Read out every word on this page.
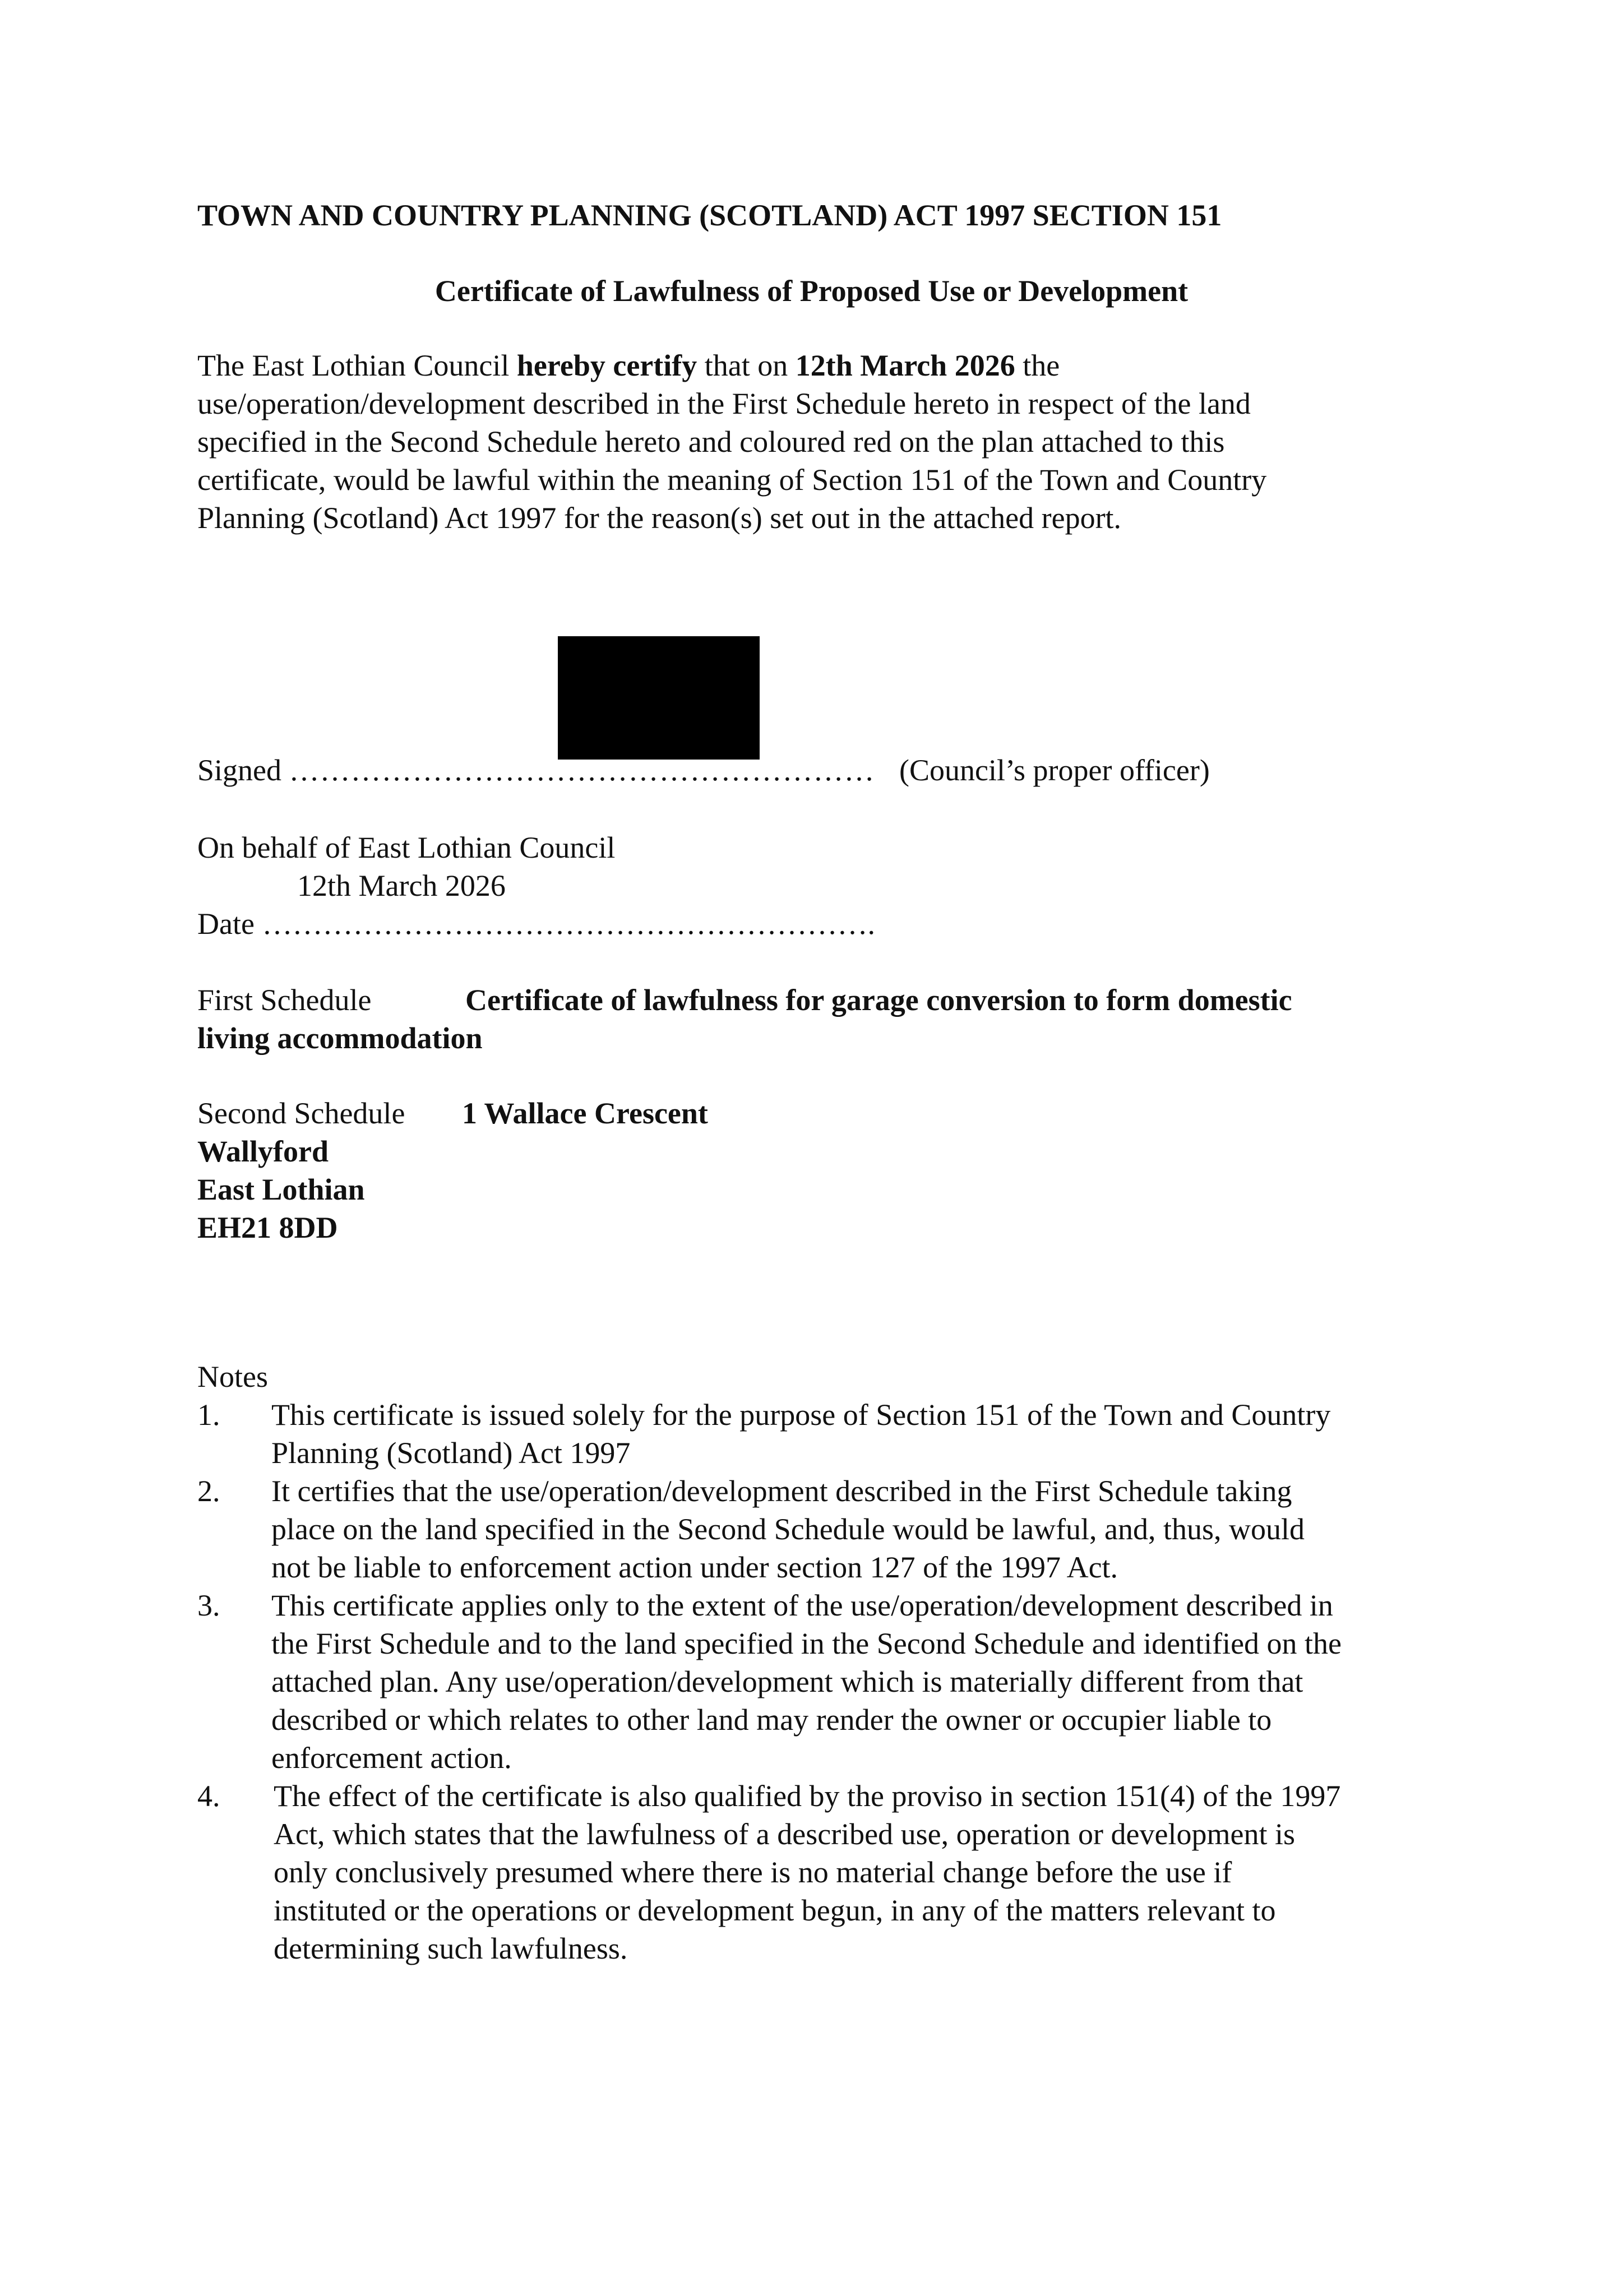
TOWN AND COUNTRY PLANNING (SCOTLAND) ACT 1997 SECTION 151
Certificate of Lawfulness of Proposed Use or Development
The East Lothian Council hereby certify that on 12th March 2026 the
use/operation/development described in the First Schedule hereto in respect of the land
specified in the Second Schedule hereto and coloured red on the plan attached to this
certificate, would be lawful within the meaning of Section 151 of the Town and Country
Planning (Scotland) Act 1997 for the reason(s) set out in the attached report.
Signed ………………………………………………… (Council’s proper officer)
On behalf of East Lothian Council
12th March 2026
Date …………………………………………………….
First Schedule	Certificate of lawfulness for garage conversion to form domestic
living accommodation
Second Schedule 1 Wallace Crescent
Wallyford
East Lothian
EH21 8DD
Notes
1.	This certificate is issued solely for the purpose of Section 151 of the Town and Country
Planning (Scotland) Act 1997
2.	It certifies that the use/operation/development described in the First Schedule taking
place on the land specified in the Second Schedule would be lawful, and, thus, would
not be liable to enforcement action under section 127 of the 1997 Act.
3.	This certificate applies only to the extent of the use/operation/development described in
the First Schedule and to the land specified in the Second Schedule and identified on the
attached plan. Any use/operation/development which is materially different from that
described or which relates to other land may render the owner or occupier liable to
enforcement action.
4.	The effect of the certificate is also qualified by the proviso in section 151(4) of the 1997
Act, which states that the lawfulness of a described use, operation or development is
only conclusively presumed where there is no material change before the use if
instituted or the operations or development begun, in any of the matters relevant to
determining such lawfulness.
